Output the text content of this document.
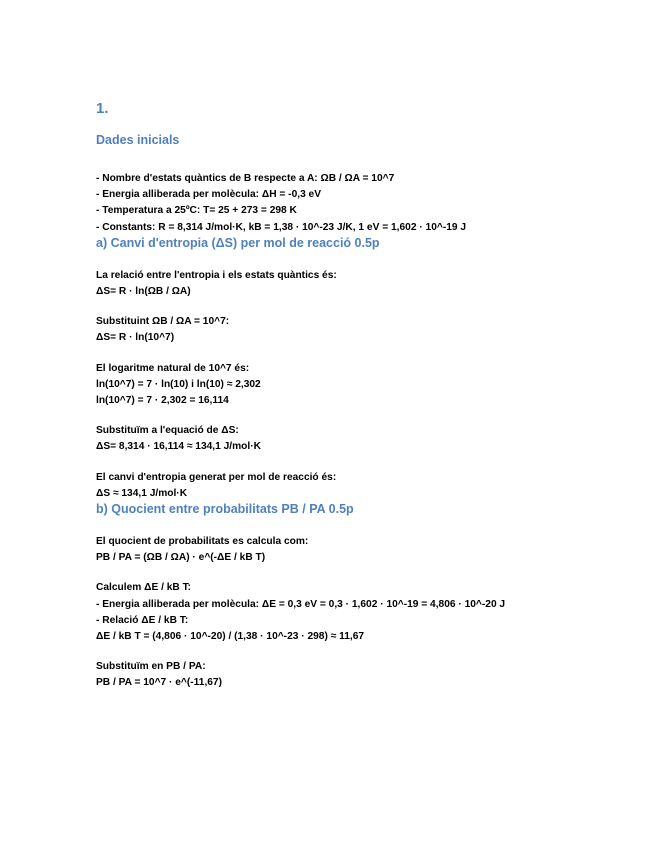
1.
Dades inicials

- Nombre d'estats quàntics de B respecte a A: ΩB / ΩA = 10^7

- Energia alliberada per molècula: ΔH = -0,3 eV

- Temperatura a 25ºC: T= 25 + 273 = 298 K

- Constants: R = 8,314 J/mol·K, kB = 1,38 · 10^-23 J/K, 1 eV = 1,602 · 10^-19 J

a) Canvi d'entropia (ΔS) per mol de reacció 0.5p

La relació entre l'entropia i els estats quàntics és:

ΔS= R · ln(ΩB / ΩA)

Substituint ΩB / ΩA = 10^7:

ΔS= R · ln(10^7)

El logaritme natural de 10^7 és:

ln(10^7) = 7 · ln(10) i ln(10) ≈ 2,302

ln(10^7) = 7 · 2,302 = 16,114

Substituïm a l'equació de ΔS:

ΔS= 8,314 · 16,114 ≈ 134,1 J/mol·K

El canvi d'entropia generat per mol de reacció és:

ΔS ≈ 134,1 J/mol·K

b) Quocient entre probabilitats PB / PA 0.5p

El quocient de probabilitats es calcula com:

PB / PA = (ΩB / ΩA) · e^(-ΔE / kB T)

Calculem ΔE / kB T:

- Energia alliberada per molècula: ΔE = 0,3 eV = 0,3 · 1,602 · 10^-19 = 4,806 · 10^-20 J

- Relació ΔE / kB T:

ΔE / kB T = (4,806 · 10^-20) / (1,38 · 10^-23 · 298) ≈ 11,67

Substituïm en PB / PA:

PB / PA = 10^7 · e^(-11,67)
